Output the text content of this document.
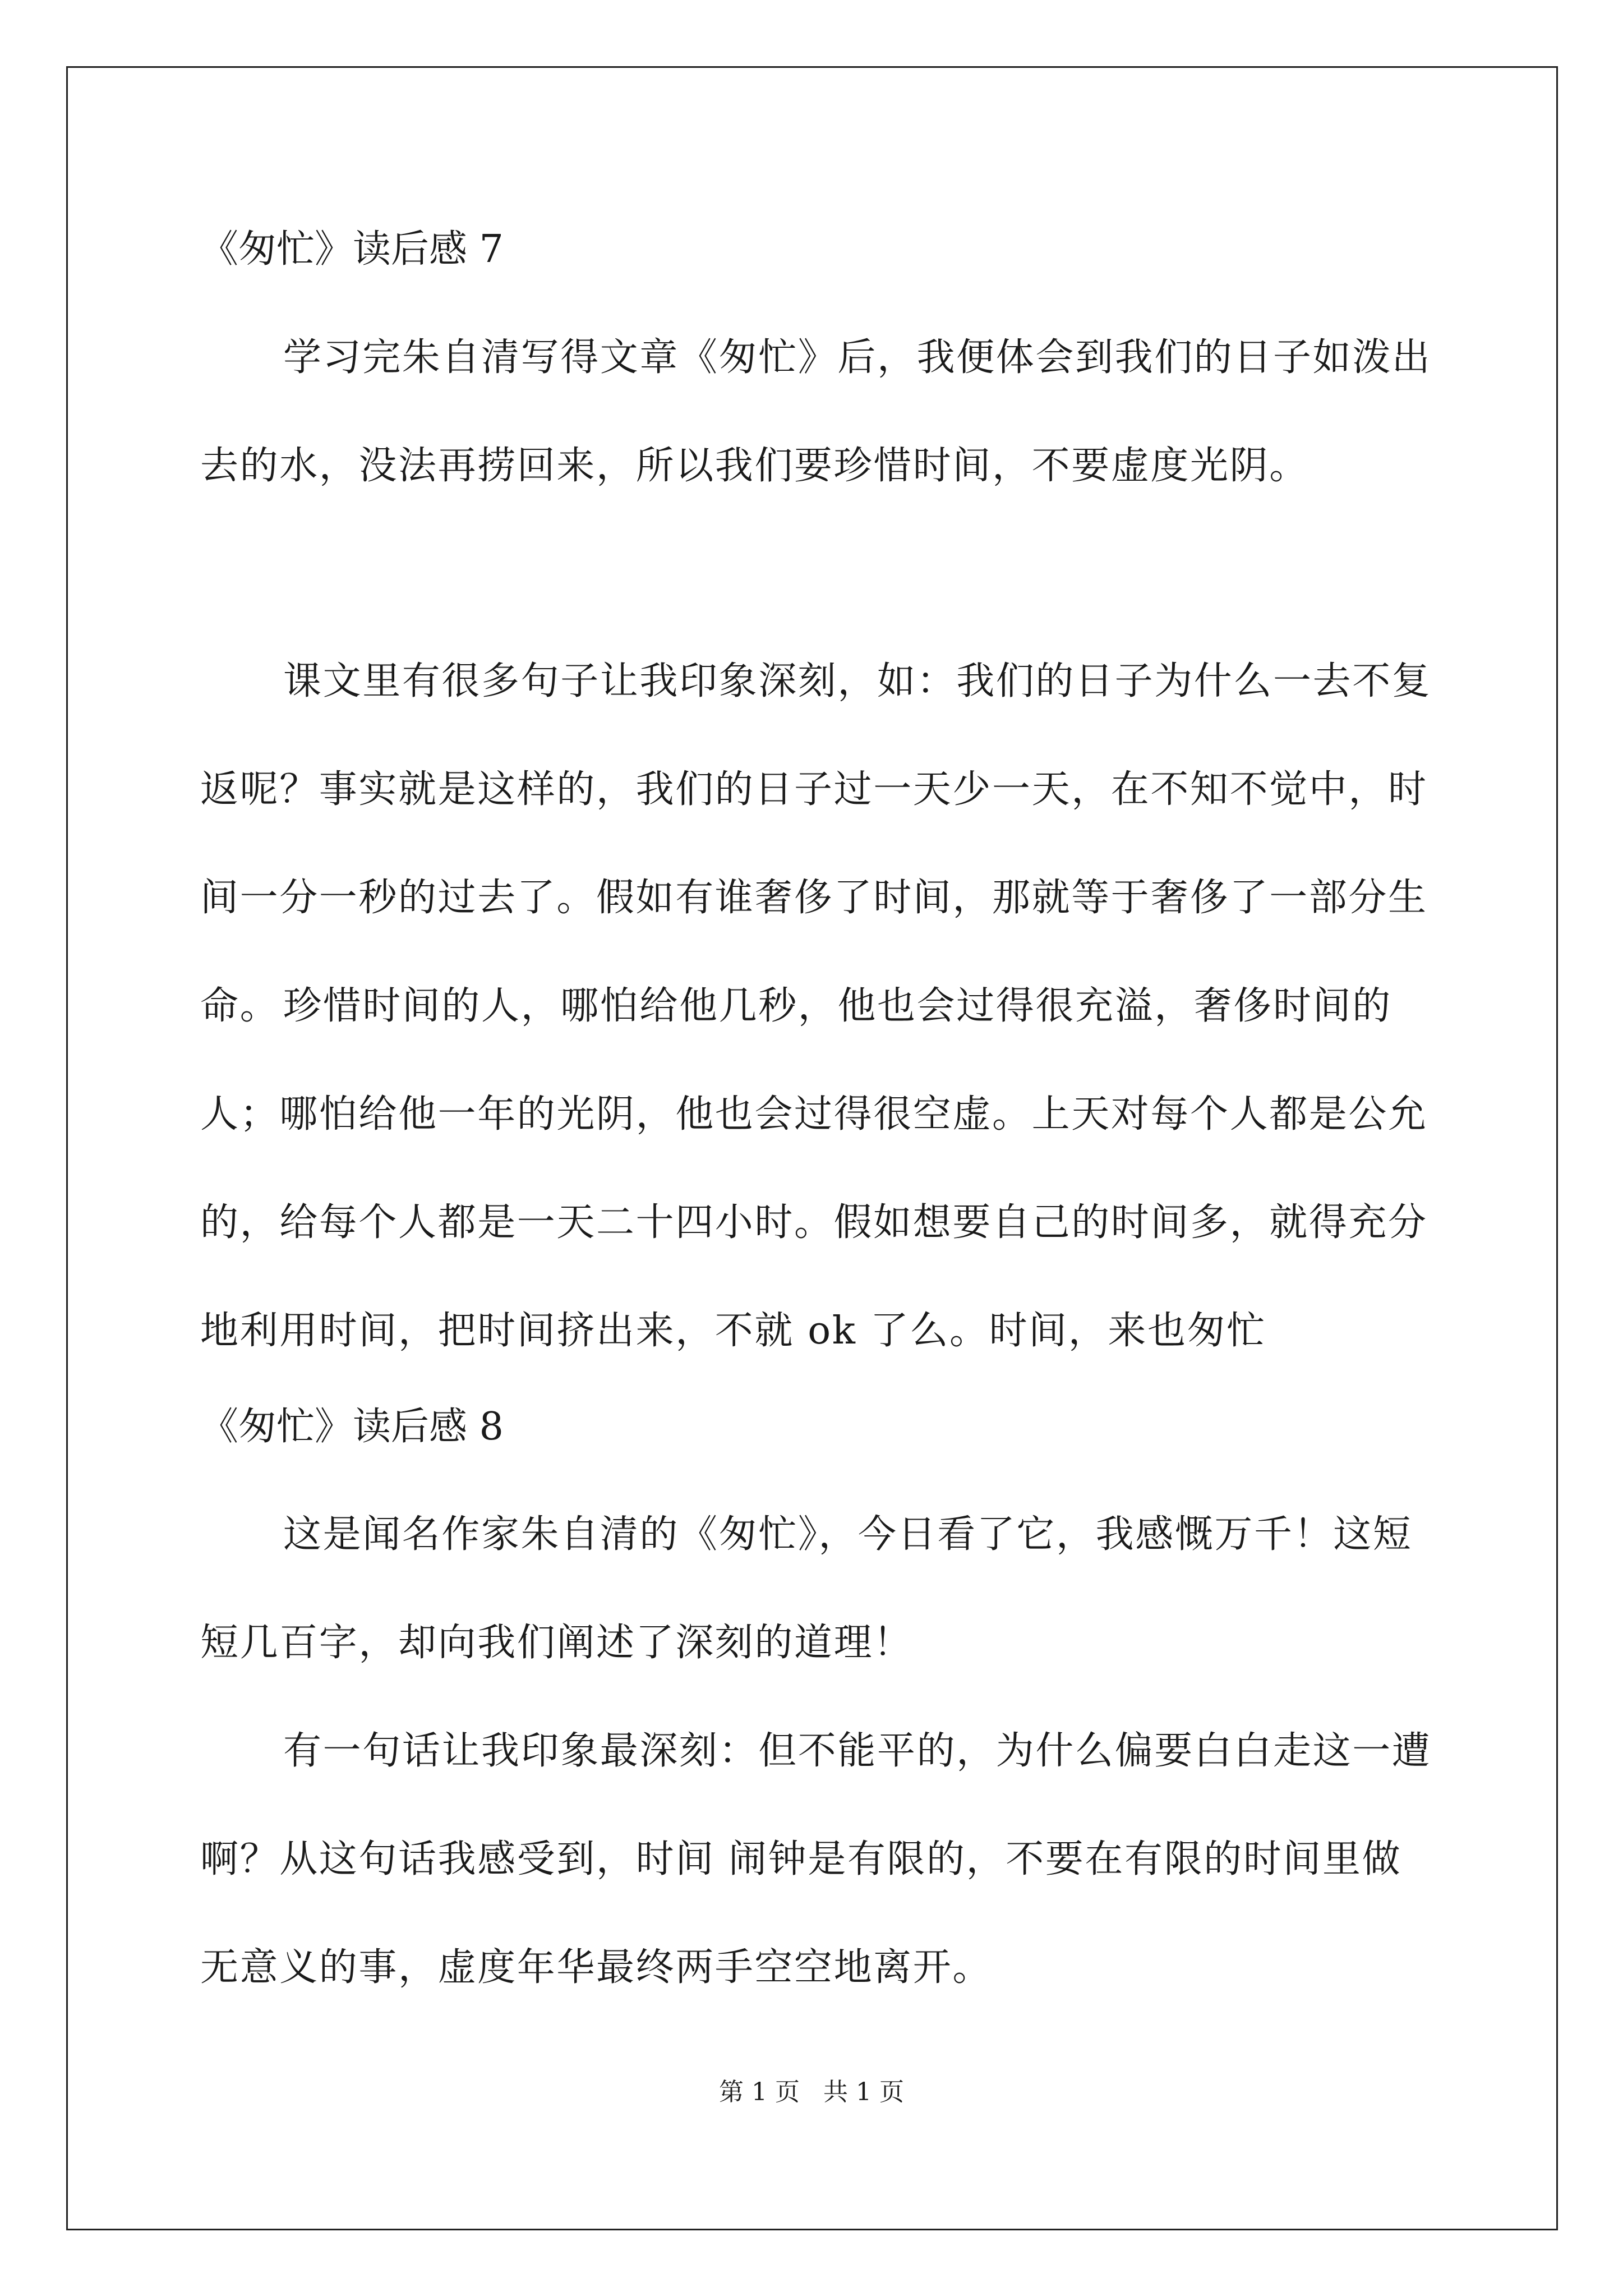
《匆忙》读后感 7

学习完朱自清写得文章《匆忙》后，我便体会到我们的日子如泼出去的水，没法再捞回来，所以我们要珍惜时间，不要虚度光阴。

课文里有很多句子让我印象深刻，如：我们的日子为什么一去不复返呢？事实就是这样的，我们的日子过一天少一天，在不知不觉中，时间一分一秒的过去了。假如有谁奢侈了时间，那就等于奢侈了一部分生命。 珍惜时间的人，哪怕给他几秒，他也会过得很充溢，奢侈时间的人；哪怕给他一年的光阴，他也会过得很空虚。上天对每个人都是公允的，给每个人都是一天二十四小时。假如想要自己的时间多，就得充分地利用时间，把时间挤出来，不就 ok 了么。时间，来也匆忙

《匆忙》读后感 8

这是闻名作家朱自清的《匆忙》，今日看了它，我感慨万千！这短短几百字，却向我们阐述了深刻的道理！

有一句话让我印象最深刻：但不能平的，为什么偏要白白走这一遭啊？从这句话我感受到，时间 闹钟是有限的，不要在有限的时间里做无意义的事，虚度年华最终两手空空地离开。

第 1 页   共 1 页
